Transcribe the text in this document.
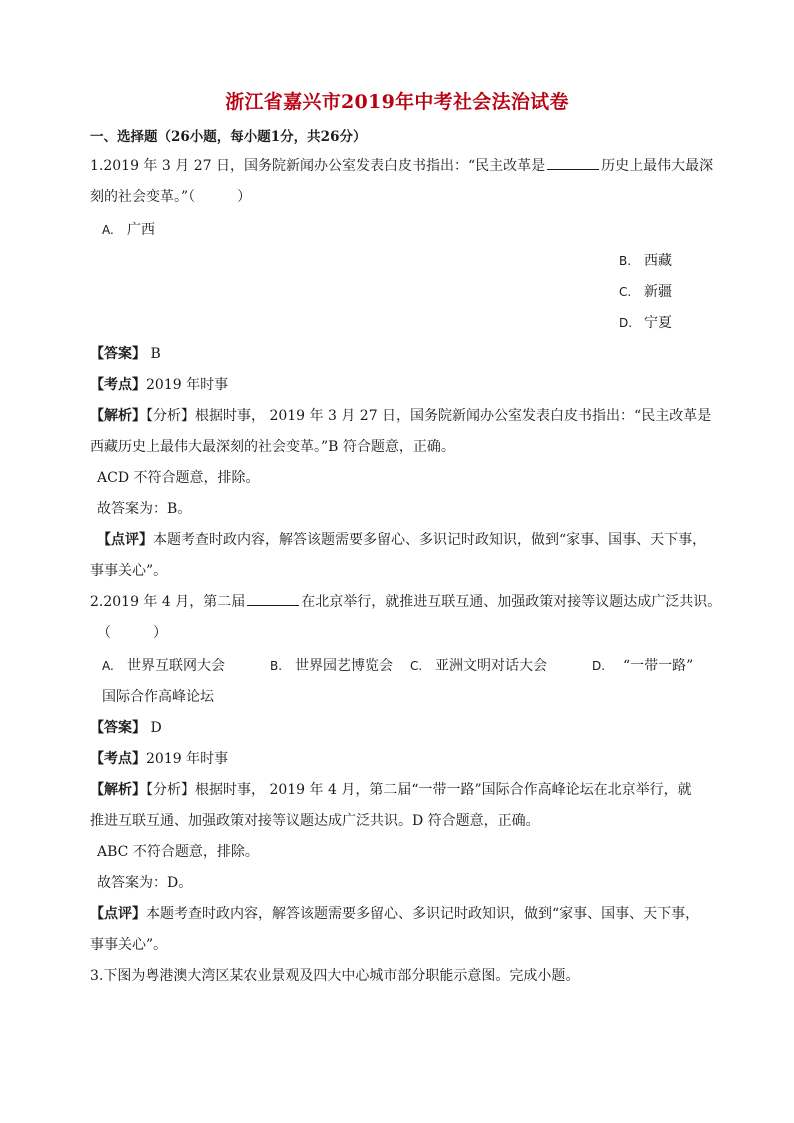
浙江省嘉兴市2019年中考社会法治试卷
一、选择题（26小题，每小题1分，共26分）
1.2019 年 3 月 27 日，国务院新闻办公室发表白皮书指出：“民主改革是	历史上最伟大最深
刻的社会变革。”（	）
A. 广西
B. 西藏
C. 新疆
D. 宁夏
【答案】 B
【考点】2019 年时事
【解析】【分析】根据时事， 2019 年 3 月 27 日，国务院新闻办公室发表白皮书指出：“民主改革是
西藏历史上最伟大最深刻的社会变革。”B 符合题意，正确。
ACD 不符合题意，排除。
故答案为：B。
【点评】本题考查时政内容，解答该题需要多留心、多识记时政知识，做到“家事、国事、天下事，
事事关心”。
2.2019 年 4 月，第二届	在北京举行，就推进互联互通、加强政策对接等议题达成广泛共识。
（	）
A. 世界互联网大会	B. 世界园艺博览会 C. 亚洲文明对话大会	D. “一带一路”
国际合作高峰论坛
【答案】 D
【考点】2019 年时事
【解析】【分析】根据时事， 2019 年 4 月，第二届“一带一路”国际合作高峰论坛在北京举行，就
推进互联互通、加强政策对接等议题达成广泛共识。D 符合题意，正确。
ABC 不符合题意，排除。
故答案为：D。
【点评】本题考查时政内容，解答该题需要多留心、多识记时政知识，做到“家事、国事、天下事，
事事关心”。
3.下图为粤港澳大湾区某农业景观及四大中心城市部分职能示意图。完成小题。
